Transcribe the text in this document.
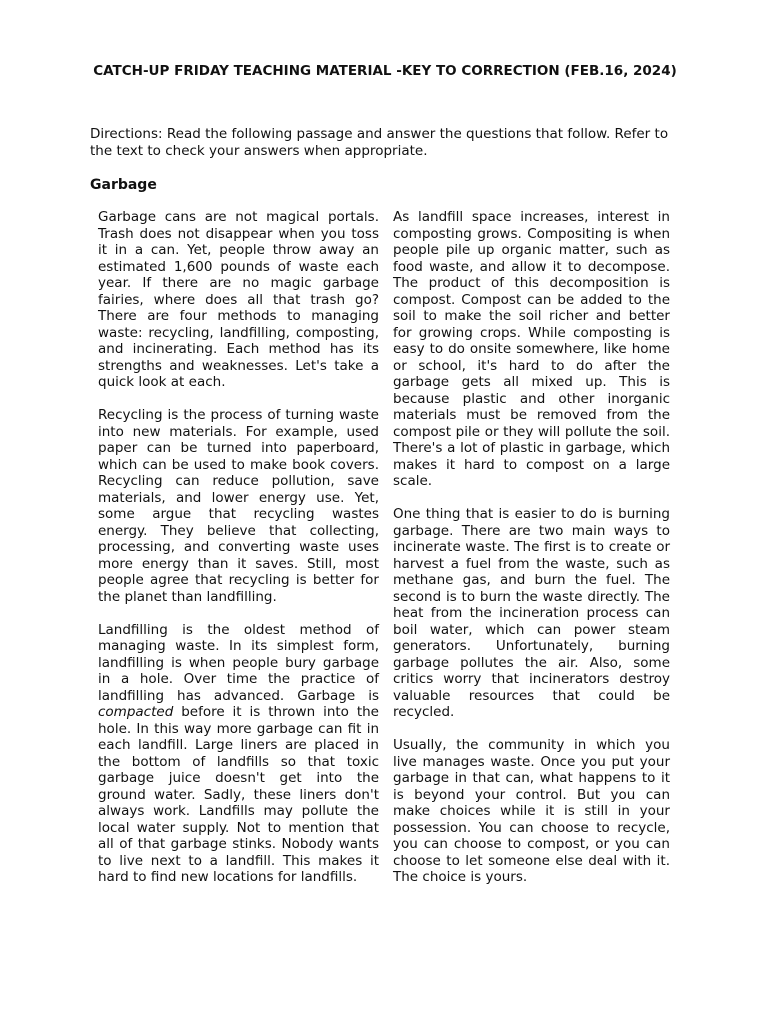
CATCH-UP FRIDAY TEACHING MATERIAL -KEY TO CORRECTION (FEB.16, 2024)

Directions: Read the following passage and answer the questions that follow. Refer to the text to check your answers when appropriate.

Garbage

Garbage cans are not magical portals. Trash does not disappear when you toss it in a can. Yet, people throw away an estimated 1,600 pounds of waste each year. If there are no magic garbage fairies, where does all that trash go? There are four methods to managing waste: recycling, landfilling, composting, and incinerating. Each method has its strengths and weaknesses. Let's take a quick look at each.

Recycling is the process of turning waste into new materials. For example, used paper can be turned into paperboard, which can be used to make book covers. Recycling can reduce pollution, save materials, and lower energy use. Yet, some argue that recycling wastes energy. They believe that collecting, processing, and converting waste uses more energy than it saves. Still, most people agree that recycling is better for the planet than landfilling.

Landfilling is the oldest method of managing waste. In its simplest form, landfilling is when people bury garbage in a hole. Over time the practice of landfilling has advanced. Garbage is compacted before it is thrown into the hole. In this way more garbage can fit in each landfill. Large liners are placed in the bottom of landfills so that toxic garbage juice doesn't get into the ground water. Sadly, these liners don't always work. Landfills may pollute the local water supply. Not to mention that all of that garbage stinks. Nobody wants to live next to a landfill. This makes it hard to find new locations for landfills.

As landfill space increases, interest in composting grows. Compositing is when people pile up organic matter, such as food waste, and allow it to decompose. The product of this decomposition is compost. Compost can be added to the soil to make the soil richer and better for growing crops. While composting is easy to do onsite somewhere, like home or school, it's hard to do after the garbage gets all mixed up. This is because plastic and other inorganic materials must be removed from the compost pile or they will pollute the soil. There's a lot of plastic in garbage, which makes it hard to compost on a large scale.

One thing that is easier to do is burning garbage. There are two main ways to incinerate waste. The first is to create or harvest a fuel from the waste, such as methane gas, and burn the fuel. The second is to burn the waste directly. The heat from the incineration process can boil water, which can power steam generators. Unfortunately, burning garbage pollutes the air. Also, some critics worry that incinerators destroy valuable resources that could be recycled.

Usually, the community in which you live manages waste. Once you put your garbage in that can, what happens to it is beyond your control. But you can make choices while it is still in your possession. You can choose to recycle, you can choose to compost, or you can choose to let someone else deal with it. The choice is yours.
